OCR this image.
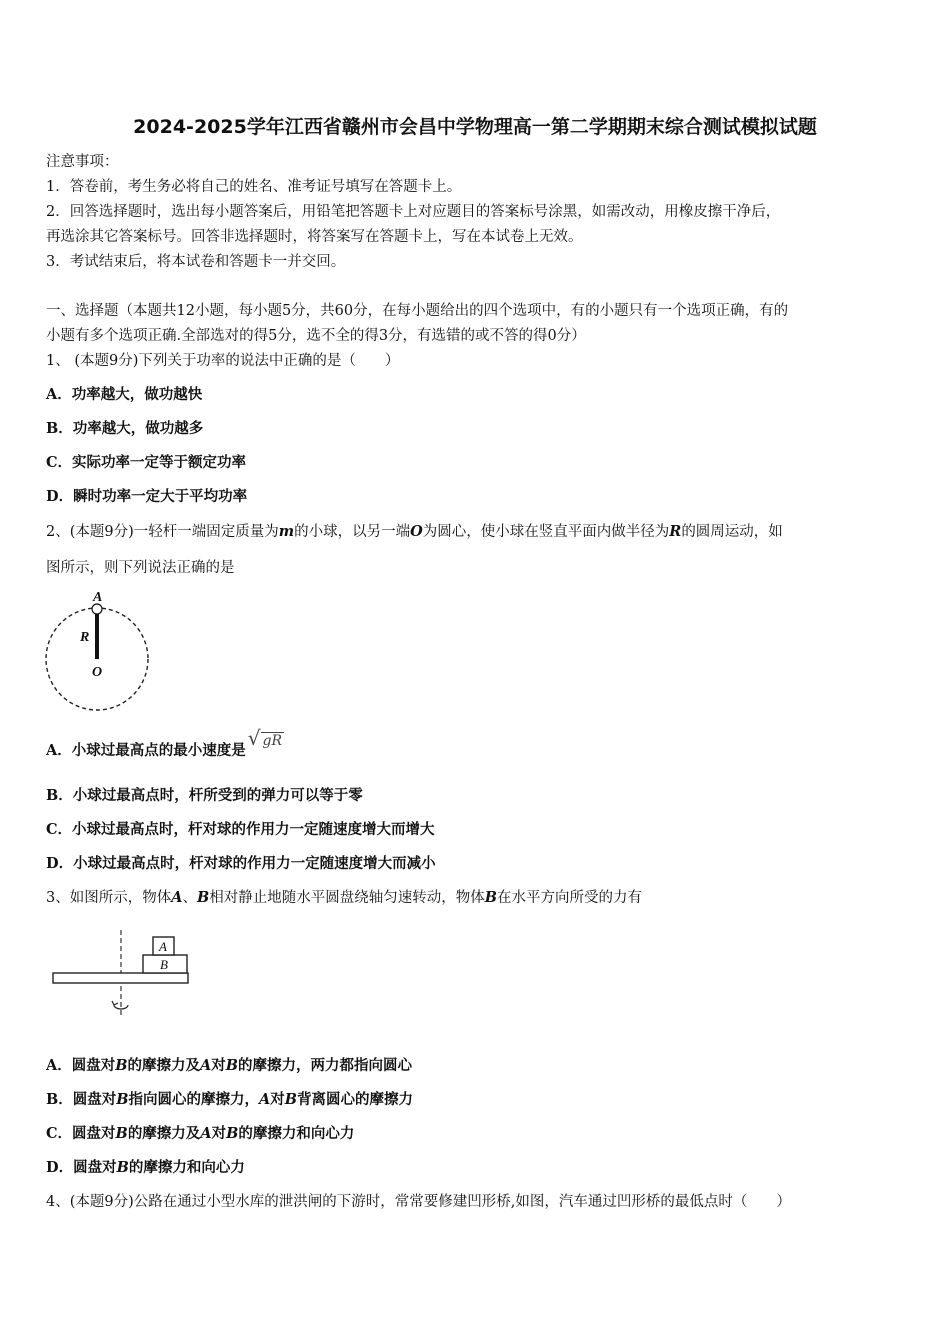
2024-2025学年江西省赣州市会昌中学物理高一第二学期期末综合测试模拟试题
注意事项：
1．答卷前，考生务必将自己的姓名、准考证号填写在答题卡上。
2．回答选择题时，选出每小题答案后，用铅笔把答题卡上对应题目的答案标号涂黑，如需改动，用橡皮擦干净后，
再选涂其它答案标号。回答非选择题时，将答案写在答题卡上，写在本试卷上无效。
3．考试结束后，将本试卷和答题卡一并交回。
一、选择题（本题共12小题，每小题5分，共60分，在每小题给出的四个选项中，有的小题只有一个选项正确，有的
小题有多个选项正确.全部选对的得5分，选不全的得3分，有选错的或不答的得0分）
1、 (本题9分)下列关于功率的说法中正确的是（　　）
A．功率越大，做功越快
B．功率越大，做功越多
C．实际功率一定等于额定功率
D．瞬时功率一定大于平均功率
2、(本题9分)一轻杆一端固定质量为m的小球，以另一端O为圆心，使小球在竖直平面内做半径为R的圆周运动，如
图所示，则下列说法正确的是
A
R
O
A．小球过最高点的最小速度是√ gR
B．小球过最高点时，杆所受到的弹力可以等于零
C．小球过最高点时，杆对球的作用力一定随速度增大而增大
D．小球过最高点时，杆对球的作用力一定随速度增大而减小
3、如图所示，物体A、B相对静止地随水平圆盘绕轴匀速转动，物体B在水平方向所受的力有
A
B
A．圆盘对B的摩擦力及A对B的摩擦力，两力都指向圆心
B．圆盘对B指向圆心的摩擦力，A对B背离圆心的摩擦力
C．圆盘对B的摩擦力及A对B的摩擦力和向心力
D．圆盘对B的摩擦力和向心力
4、(本题9分)公路在通过小型水库的泄洪闸的下游时，常常要修建凹形桥,如图，汽车通过凹形桥的最低点时（　　）
